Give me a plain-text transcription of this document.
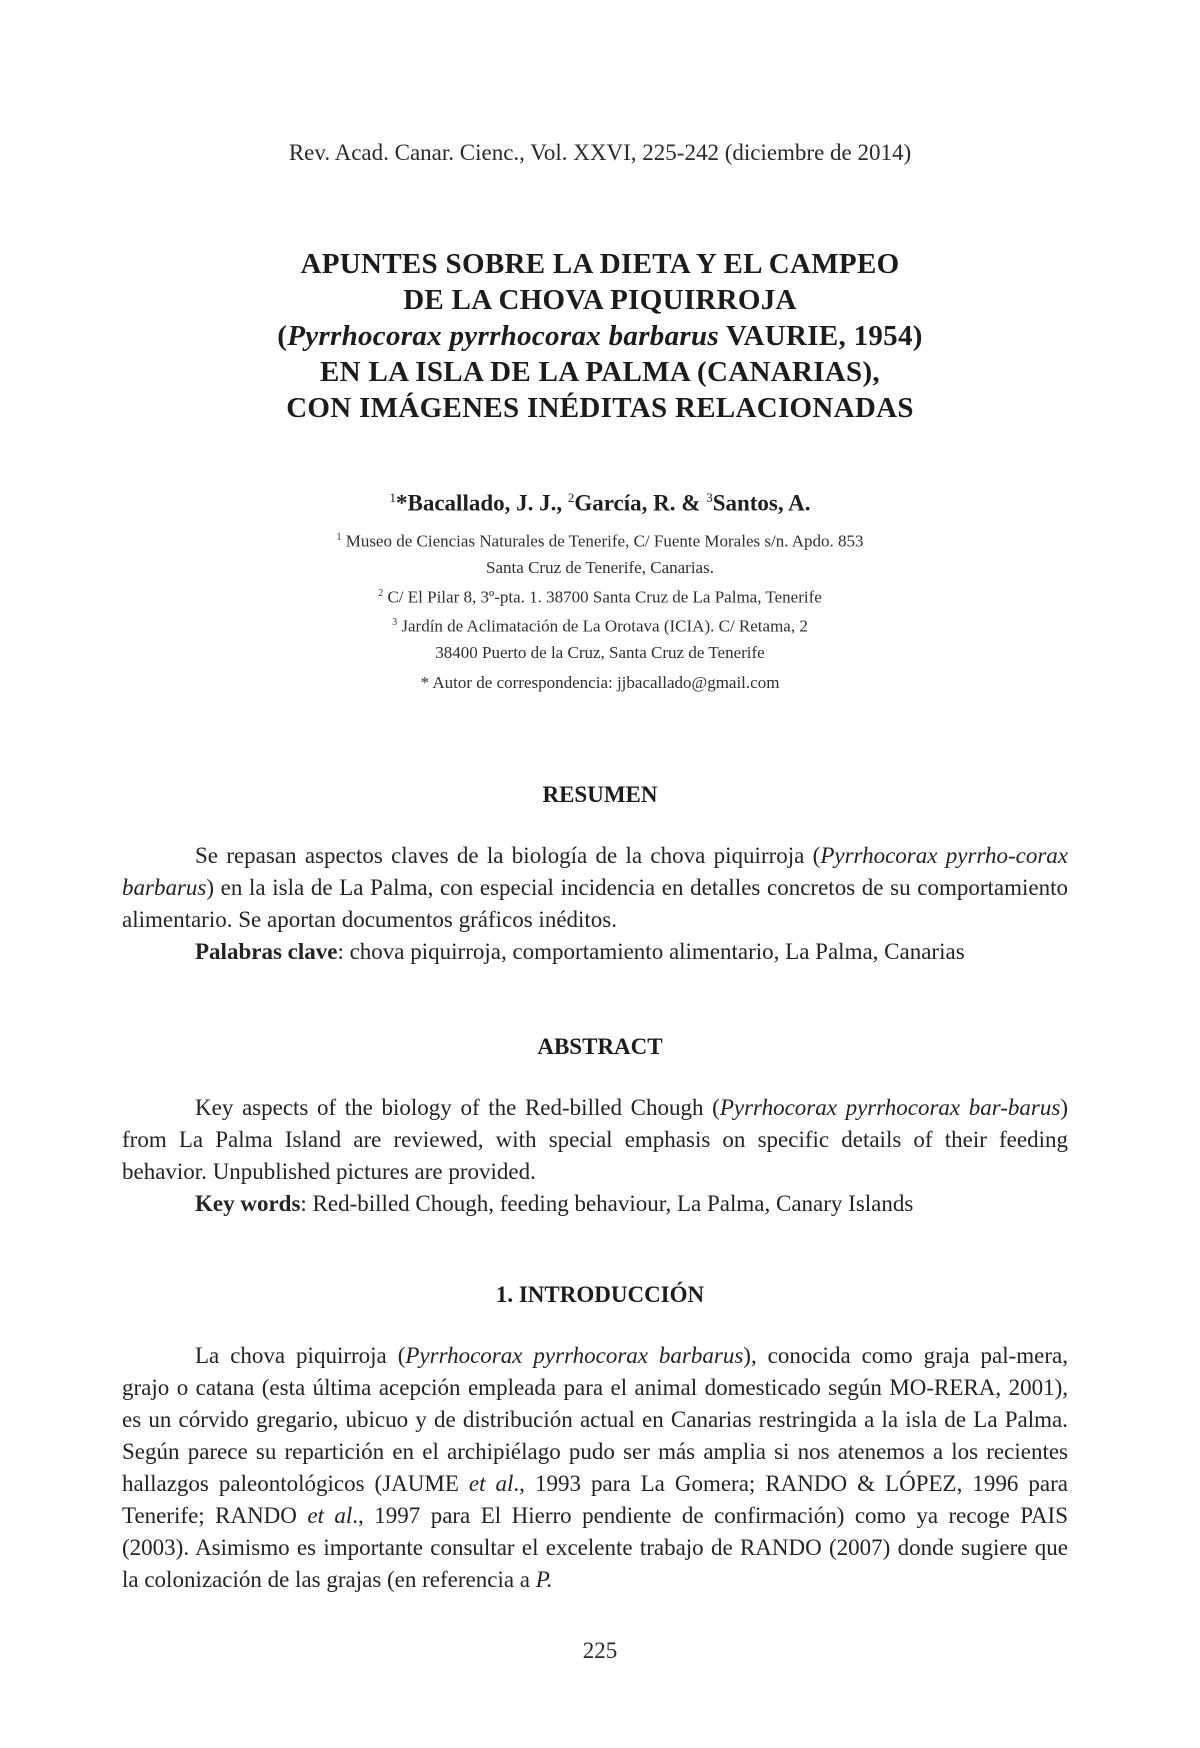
Rev. Acad. Canar. Cienc., Vol. XXVI, 225-242 (diciembre de 2014)
APUNTES SOBRE LA DIETA Y EL CAMPEO
DE LA CHOVA PIQUIRROJA
(Pyrrhocorax pyrrhocorax barbarus VAURIE, 1954)
EN LA ISLA DE LA PALMA (CANARIAS),
CON IMÁGENES INÉDITAS RELACIONADAS
$^1$*Bacallado, J. J., $^2$García, R. & $^3$Santos, A.
$^1$ Museo de Ciencias Naturales de Tenerife, C/ Fuente Morales s/n. Apdo. 853
Santa Cruz de Tenerife, Canarias.
$^2$ C/ El Pilar 8, 3º-pta. 1. 38700 Santa Cruz de La Palma, Tenerife
$^3$ Jardín de Aclimatación de La Orotava (ICIA). C/ Retama, 2
38400 Puerto de la Cruz, Santa Cruz de Tenerife
* Autor de correspondencia: jjbacallado@gmail.com
RESUMEN
Se repasan aspectos claves de la biología de la chova piquirroja (Pyrrhocorax pyrrho-corax barbarus) en la isla de La Palma, con especial incidencia en detalles concretos de su comportamiento alimentario. Se aportan documentos gráficos inéditos.
Palabras clave: chova piquirroja, comportamiento alimentario, La Palma, Canarias
ABSTRACT
Key aspects of the biology of the Red-billed Chough (Pyrrhocorax pyrrhocorax bar-barus) from La Palma Island are reviewed, with special emphasis on specific details of their feeding behavior. Unpublished pictures are provided.
Key words: Red-billed Chough, feeding behaviour, La Palma, Canary Islands
1. INTRODUCCIÓN
La chova piquirroja (Pyrrhocorax pyrrhocorax barbarus), conocida como graja pal-mera, grajo o catana (esta última acepción empleada para el animal domesticado según MO-RERA, 2001), es un córvido gregario, ubicuo y de distribución actual en Canarias restringida a la isla de La Palma. Según parece su repartición en el archipiélago pudo ser más amplia si nos atenemos a los recientes hallazgos paleontológicos (JAUME et al., 1993 para La Gomera; RANDO & LÓPEZ, 1996 para Tenerife; RANDO et al., 1997 para El Hierro pendiente de confirmación) como ya recoge PAIS (2003). Asimismo es importante consultar el excelente trabajo de RANDO (2007) donde sugiere que la colonización de las grajas (en referencia a P.
225
